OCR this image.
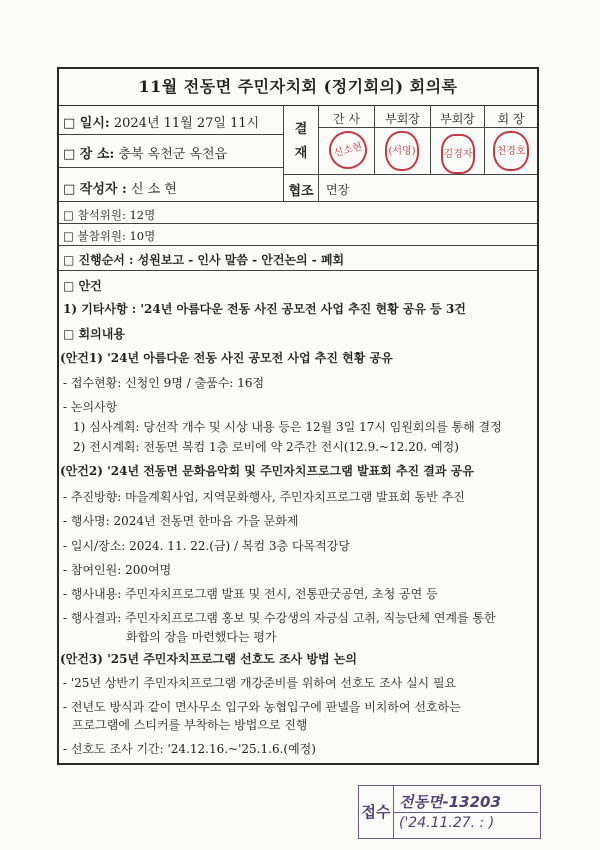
11월 전동면 주민자치회 (정기회의) 회의록
□ 일시: 2024년 11월 27일 11시
□ 장 소: 충북 옥천군 옥천읍
□ 작성자 : 신 소 현
결
재
간 사	부회장	부회장	회 장
신소현	(서명)	김경자	천경호
협조	면장
□ 참석위원: 12명
□ 불참위원: 10명
□ 진행순서 : 성원보고 - 인사 말씀 - 안건논의 - 폐회
□ 안건
1) 기타사항 : '24년 아름다운 전동 사진 공모전 사업 추진 현황 공유 등 3건
□ 회의내용
(안건1) '24년 아름다운 전동 사진 공모전 사업 추진 현황 공유
- 접수현황: 신청인 9명 / 출품수: 16점
- 논의사항
1) 심사계획: 당선작 개수 및 시상 내용 등은 12월 3일 17시 임원회의를 통해 결정
2) 전시계획: 전동면 복컴 1층 로비에 약 2주간 전시(12.9.~12.20. 예정)
(안건2) '24년 전동면 문화음악회 및 주민자치프로그램 발표회 추진 결과 공유
- 추진방향: 마을계획사업, 지역문화행사, 주민자치프로그램 발표회 동반 추진
- 행사명: 2024년 전동면 한마음 가을 문화제
- 일시/장소: 2024. 11. 22.(금) / 복컴 3층 다목적강당
- 참여인원: 200여명
- 행사내용: 주민자치프로그램 발표 및 전시, 전통판굿공연, 초청 공연 등
- 행사결과: 주민자치프로그램 홍보 및 수강생의 자긍심 고취, 직능단체 연계를 통한
화합의 장을 마련했다는 평가
(안건3) '25년 주민자치프로그램 선호도 조사 방법 논의
- '25년 상반기 주민자치프로그램 개강준비를 위하여 선호도 조사 실시 필요
- 전년도 방식과 같이 면사무소 입구와 농협입구에 판넬을 비치하여 선호하는
프로그램에 스티커를 부착하는 방법으로 진행
- 선호도 조사 기간: '24.12.16.~'25.1.6.(예정)
접수
전동면-13203
('24.11.27. : )
